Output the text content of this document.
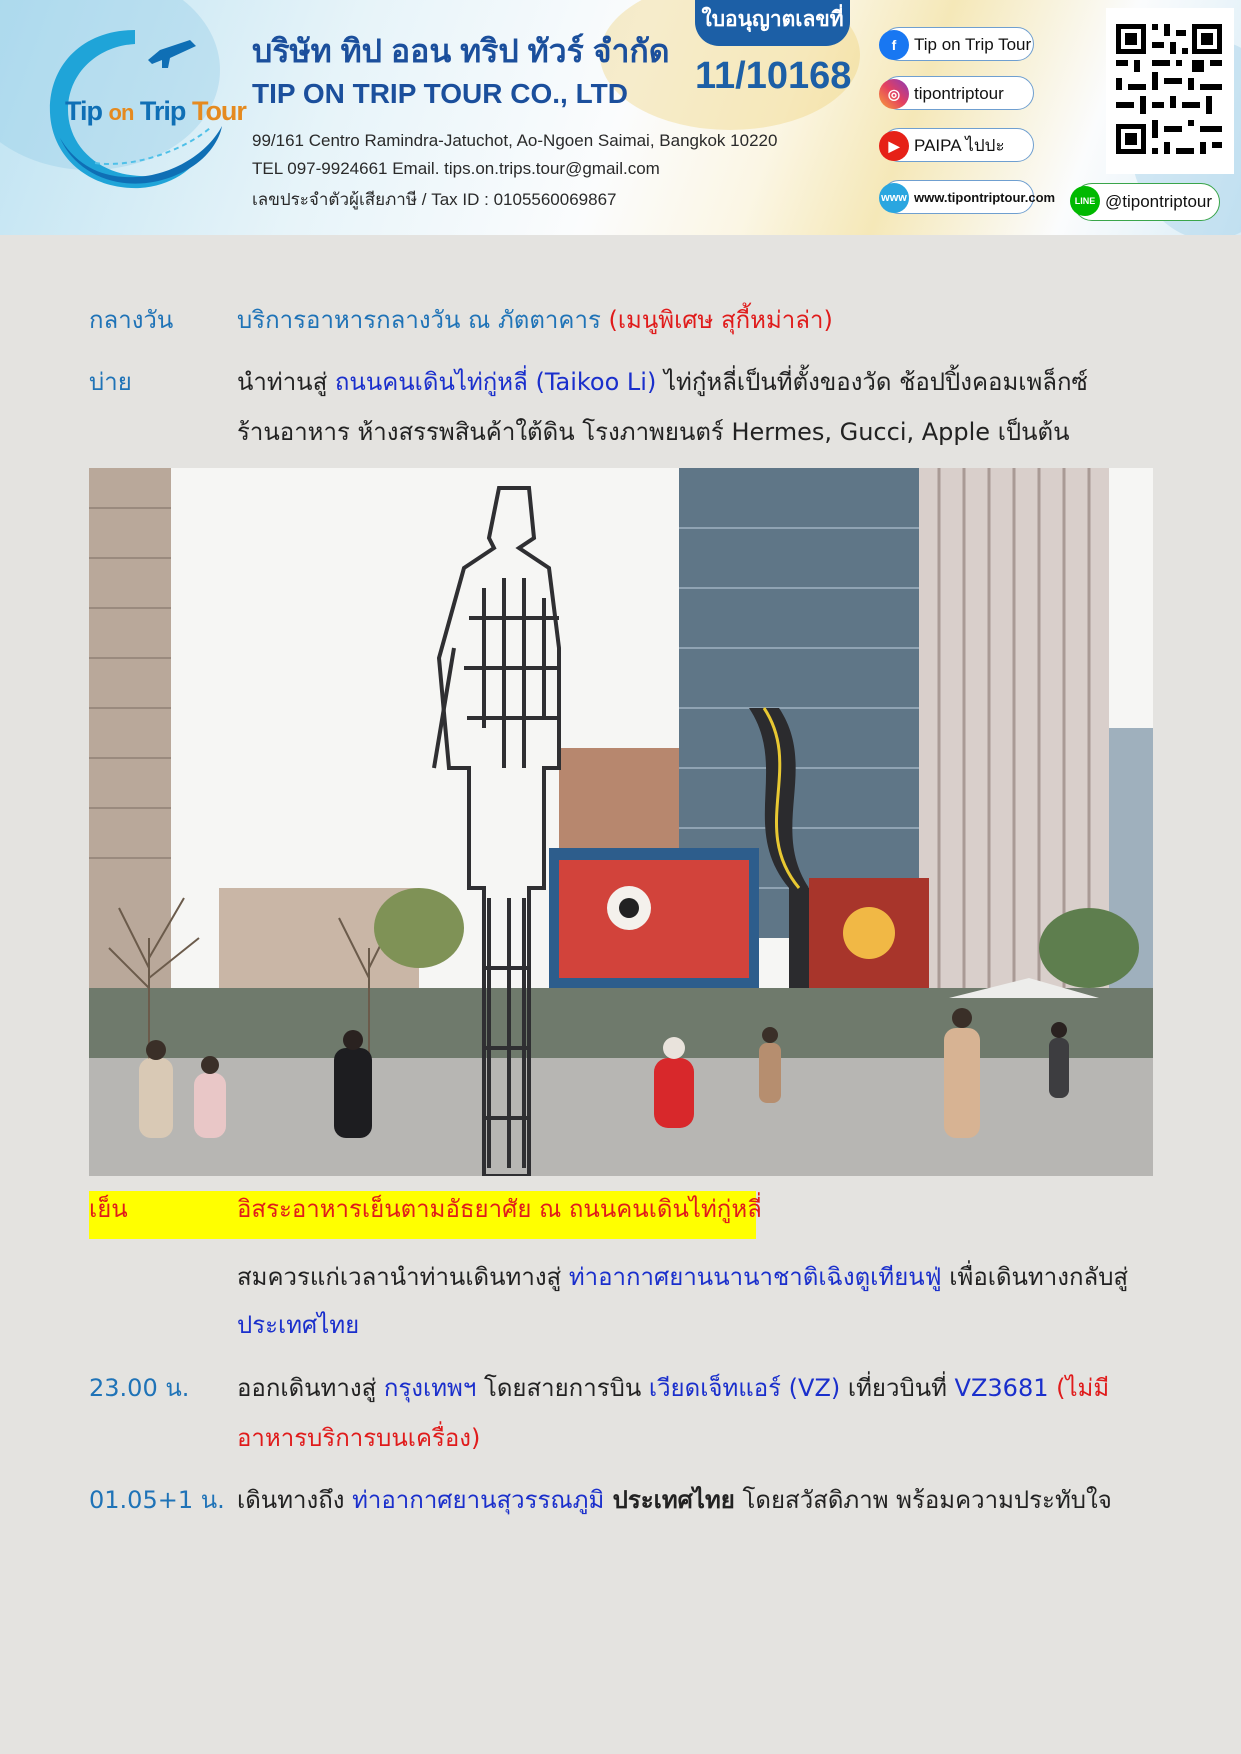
Tip on Trip Tour
บริษัท ทิป ออน ทริป ทัวร์ จำกัด
TIP ON TRIP TOUR CO., LTD
99/161 Centro Ramindra-Jatuchot, Ao-Ngoen Saimai, Bangkok 10220
TEL 097-9924661 Email. tips.on.trips.tour@gmail.com
เลขประจำตัวผู้เสียภาษี / Tax ID : 0105560069867
ใบอนุญาตเลขที่
11/10168
f	Tip on Trip Tour
◎ tipontriptour
▶ PAIPA ไปปะ
www www.tipontriptour.com	LINE @tipontriptour
กลางวัน	บริการอาหารกลางวัน ณ ภัตตาคาร (เมนูพิเศษ สุกี้หม่าล่า)
บ่าย	นำท่านสู่ ถนนคนเดินไท่กู่หลี่ (Taikoo Li) ไท่กู๋หลี่เป็นที่ตั้งของวัด ช้อปปิ้งคอมเพล็กซ์
ร้านอาหาร ห้างสรรพสินค้าใต้ดิน โรงภาพยนตร์ Hermes, Gucci, Apple เป็นต้น
เย็น	อิสระอาหารเย็นตามอัธยาศัย ณ ถนนคนเดินไท่กู่หลี่
สมควรแก่เวลานำท่านเดินทางสู่ ท่าอากาศยานนานาชาติเฉิงตูเทียนฟู่ เพื่อเดินทางกลับสู่
ประเทศไทย
23.00 น. ออกเดินทางสู่ กรุงเทพฯ โดยสายการบิน เวียดเจ็ทแอร์ (VZ) เที่ยวบินที่ VZ3681 (ไม่มี
อาหารบริการบนเครื่อง)
01.05+1 น. เดินทางถึง ท่าอากาศยานสุวรรณภูมิ ประเทศไทย โดยสวัสดิภาพ พร้อมความประทับใจ
